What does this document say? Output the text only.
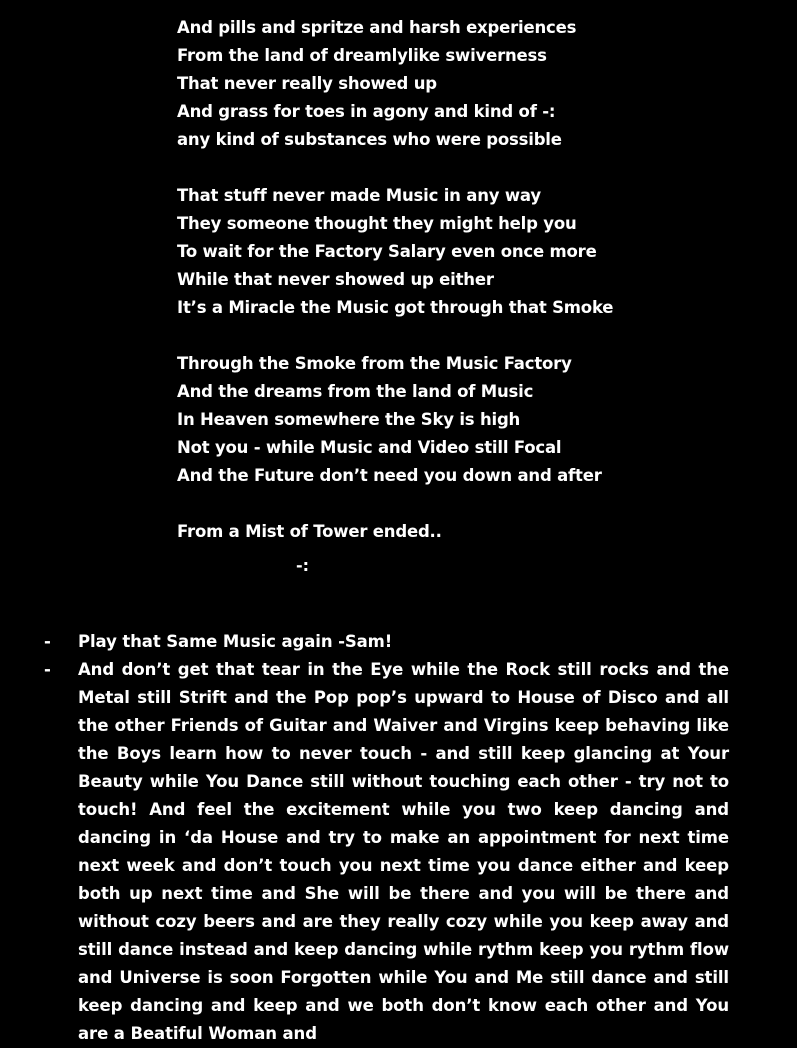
And pills and spritze and harsh experiences
From the land of dreamlylike swiverness
That never really showed up
And grass for toes in agony and kind of -:
any kind of substances who were possible
That stuff never made Music in any way
They someone thought they might help you
To wait for the Factory Salary even once more
While that never showed up either
It’s a Miracle the Music got through that Smoke
Through the Smoke from the Music Factory
And the dreams from the land of Music
In Heaven somewhere the Sky is high
Not you - while Music and Video still Focal
And the Future don’t need you down and after
From a Mist of Tower ended..
-:
-	Play that Same Music again -Sam!
-	And don’t get that tear in the Eye while the Rock still rocks and the Metal still Strift and the Pop pop’s upward to House of Disco and all the other Friends of Guitar and Waiver and Virgins keep behaving like the Boys learn how to never touch - and still keep glancing at Your Beauty while You Dance still without touching each other - try not to touch! And feel the excitement while you two keep dancing and dancing in ‘da House and try to make an appointment for next time next week and don’t touch you next time you dance either and keep both up next time and She will be there and you will be there and without cozy beers and are they really cozy while you keep away and still dance instead and keep dancing while rythm keep you rythm flow and Universe is soon Forgotten while You and Me still dance and still keep dancing and keep and we both don’t know each other and You are a Beatiful Woman and
